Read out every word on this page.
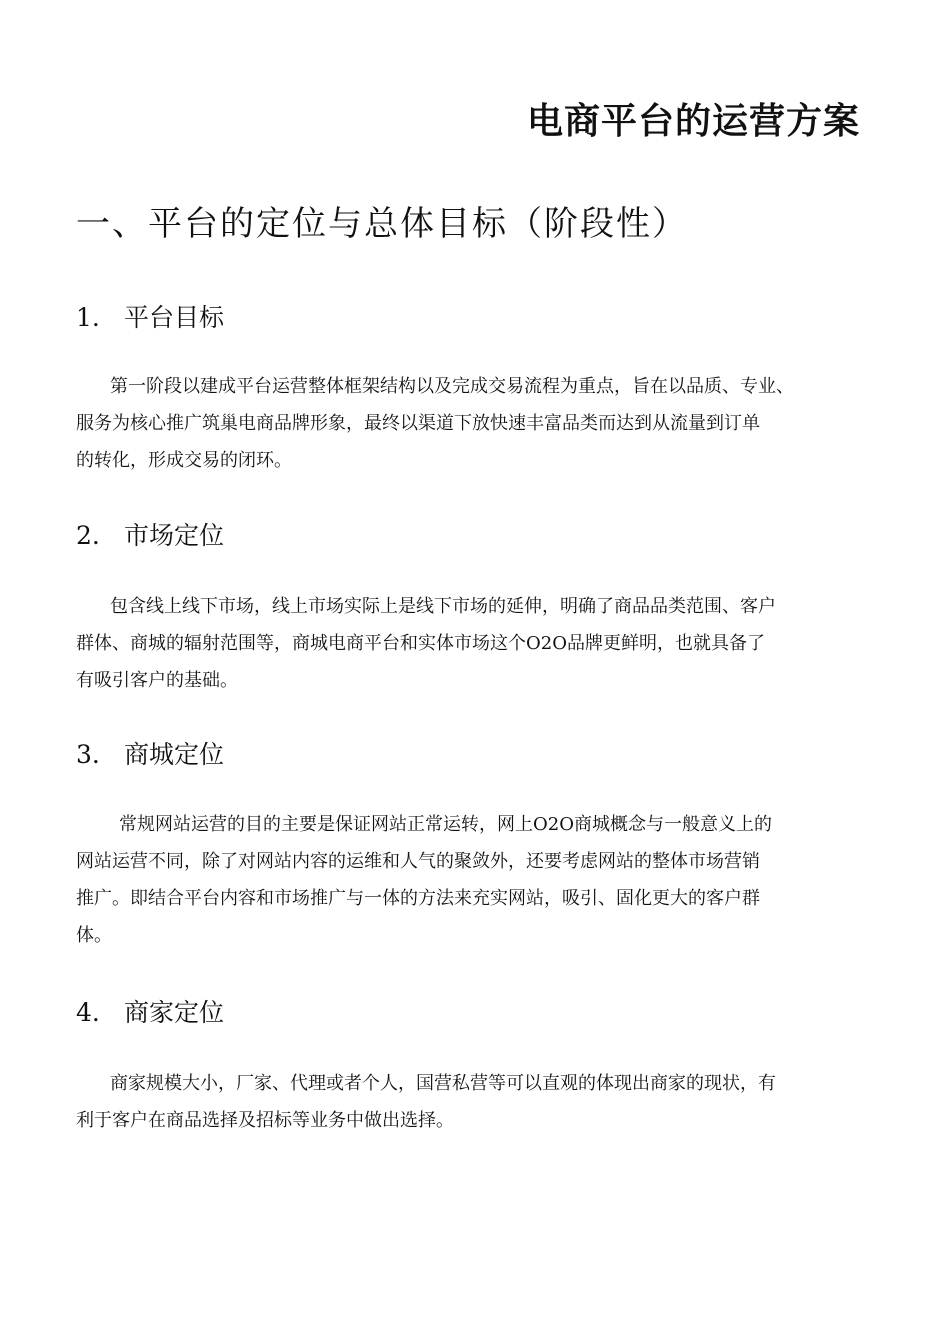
电商平台的运营方案
一、平台的定位与总体目标（阶段性）
1. 平台目标

第一阶段以建成平台运营整体框架结构以及完成交易流程为重点，旨在以品质、专业、
服务为核心推广筑巢电商品牌形象，最终以渠道下放快速丰富品类而达到从流量到订单
的转化，形成交易的闭环。

2. 市场定位

包含线上线下市场，线上市场实际上是线下市场的延伸，明确了商品品类范围、客户
群体、商城的辐射范围等，商城电商平台和实体市场这个O2O品牌更鲜明，也就具备了
有吸引客户的基础。

3. 商城定位

常规网站运营的目的主要是保证网站正常运转，网上O2O商城概念与一般意义上的
网站运营不同，除了对网站内容的运维和人气的聚敛外，还要考虑网站的整体市场营销
推广。即结合平台内容和市场推广与一体的方法来充实网站，吸引、固化更大的客户群
体。

4. 商家定位

商家规模大小，厂家、代理或者个人，国营私营等可以直观的体现出商家的现状，有
利于客户在商品选择及招标等业务中做出选择。
